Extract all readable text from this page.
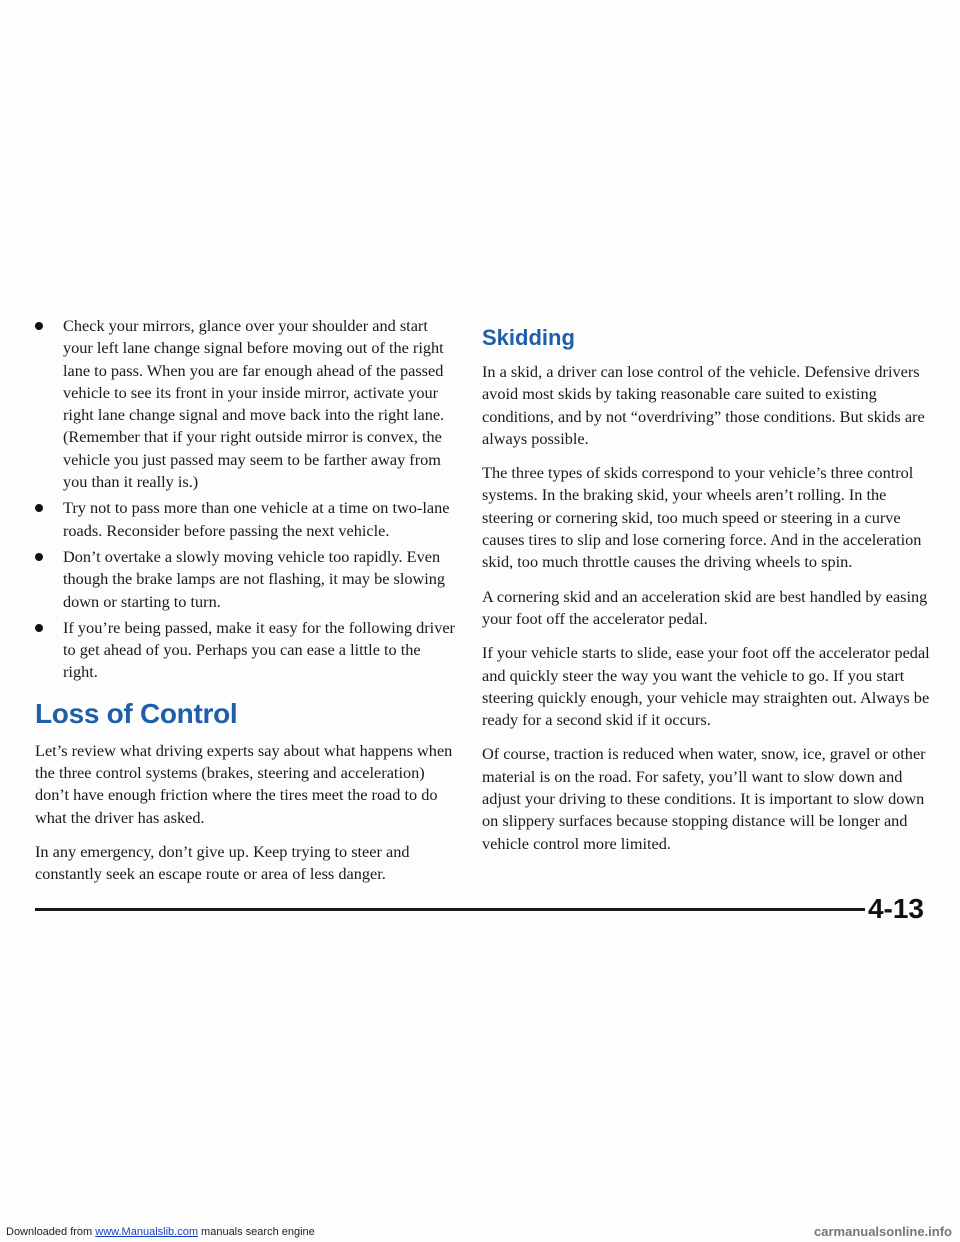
Check your mirrors, glance over your shoulder and start your left lane change signal before moving out of the right lane to pass. When you are far enough ahead of the passed vehicle to see its front in your inside mirror, activate your right lane change signal and move back into the right lane. (Remember that if your right outside mirror is convex, the vehicle you just passed may seem to be farther away from you than it really is.)
Try not to pass more than one vehicle at a time on two-lane roads. Reconsider before passing the next vehicle.
Don’t overtake a slowly moving vehicle too rapidly. Even though the brake lamps are not flashing, it may be slowing down or starting to turn.
If you’re being passed, make it easy for the following driver to get ahead of you. Perhaps you can ease a little to the right.
Loss of Control

Let’s review what driving experts say about what happens when the three control systems (brakes, steering and acceleration) don’t have enough friction where the tires meet the road to do what the driver has asked.

In any emergency, don’t give up. Keep trying to steer and constantly seek an escape route or area of less danger.

Skidding

In a skid, a driver can lose control of the vehicle. Defensive drivers avoid most skids by taking reasonable care suited to existing conditions, and by not “overdriving” those conditions. But skids are always possible.

The three types of skids correspond to your vehicle’s three control systems. In the braking skid, your wheels aren’t rolling. In the steering or cornering skid, too much speed or steering in a curve causes tires to slip and lose cornering force. And in the acceleration skid, too much throttle causes the driving wheels to spin.

A cornering skid and an acceleration skid are best handled by easing your foot off the accelerator pedal.

If your vehicle starts to slide, ease your foot off the accelerator pedal and quickly steer the way you want the vehicle to go. If you start steering quickly enough, your vehicle may straighten out. Always be ready for a second skid if it occurs.

Of course, traction is reduced when water, snow, ice, gravel or other material is on the road. For safety, you’ll want to slow down and adjust your driving to these conditions. It is important to slow down on slippery surfaces because stopping distance will be longer and vehicle control more limited.

4-13
Downloaded from www.Manualslib.com manuals search engine	carmanualsonline.info
